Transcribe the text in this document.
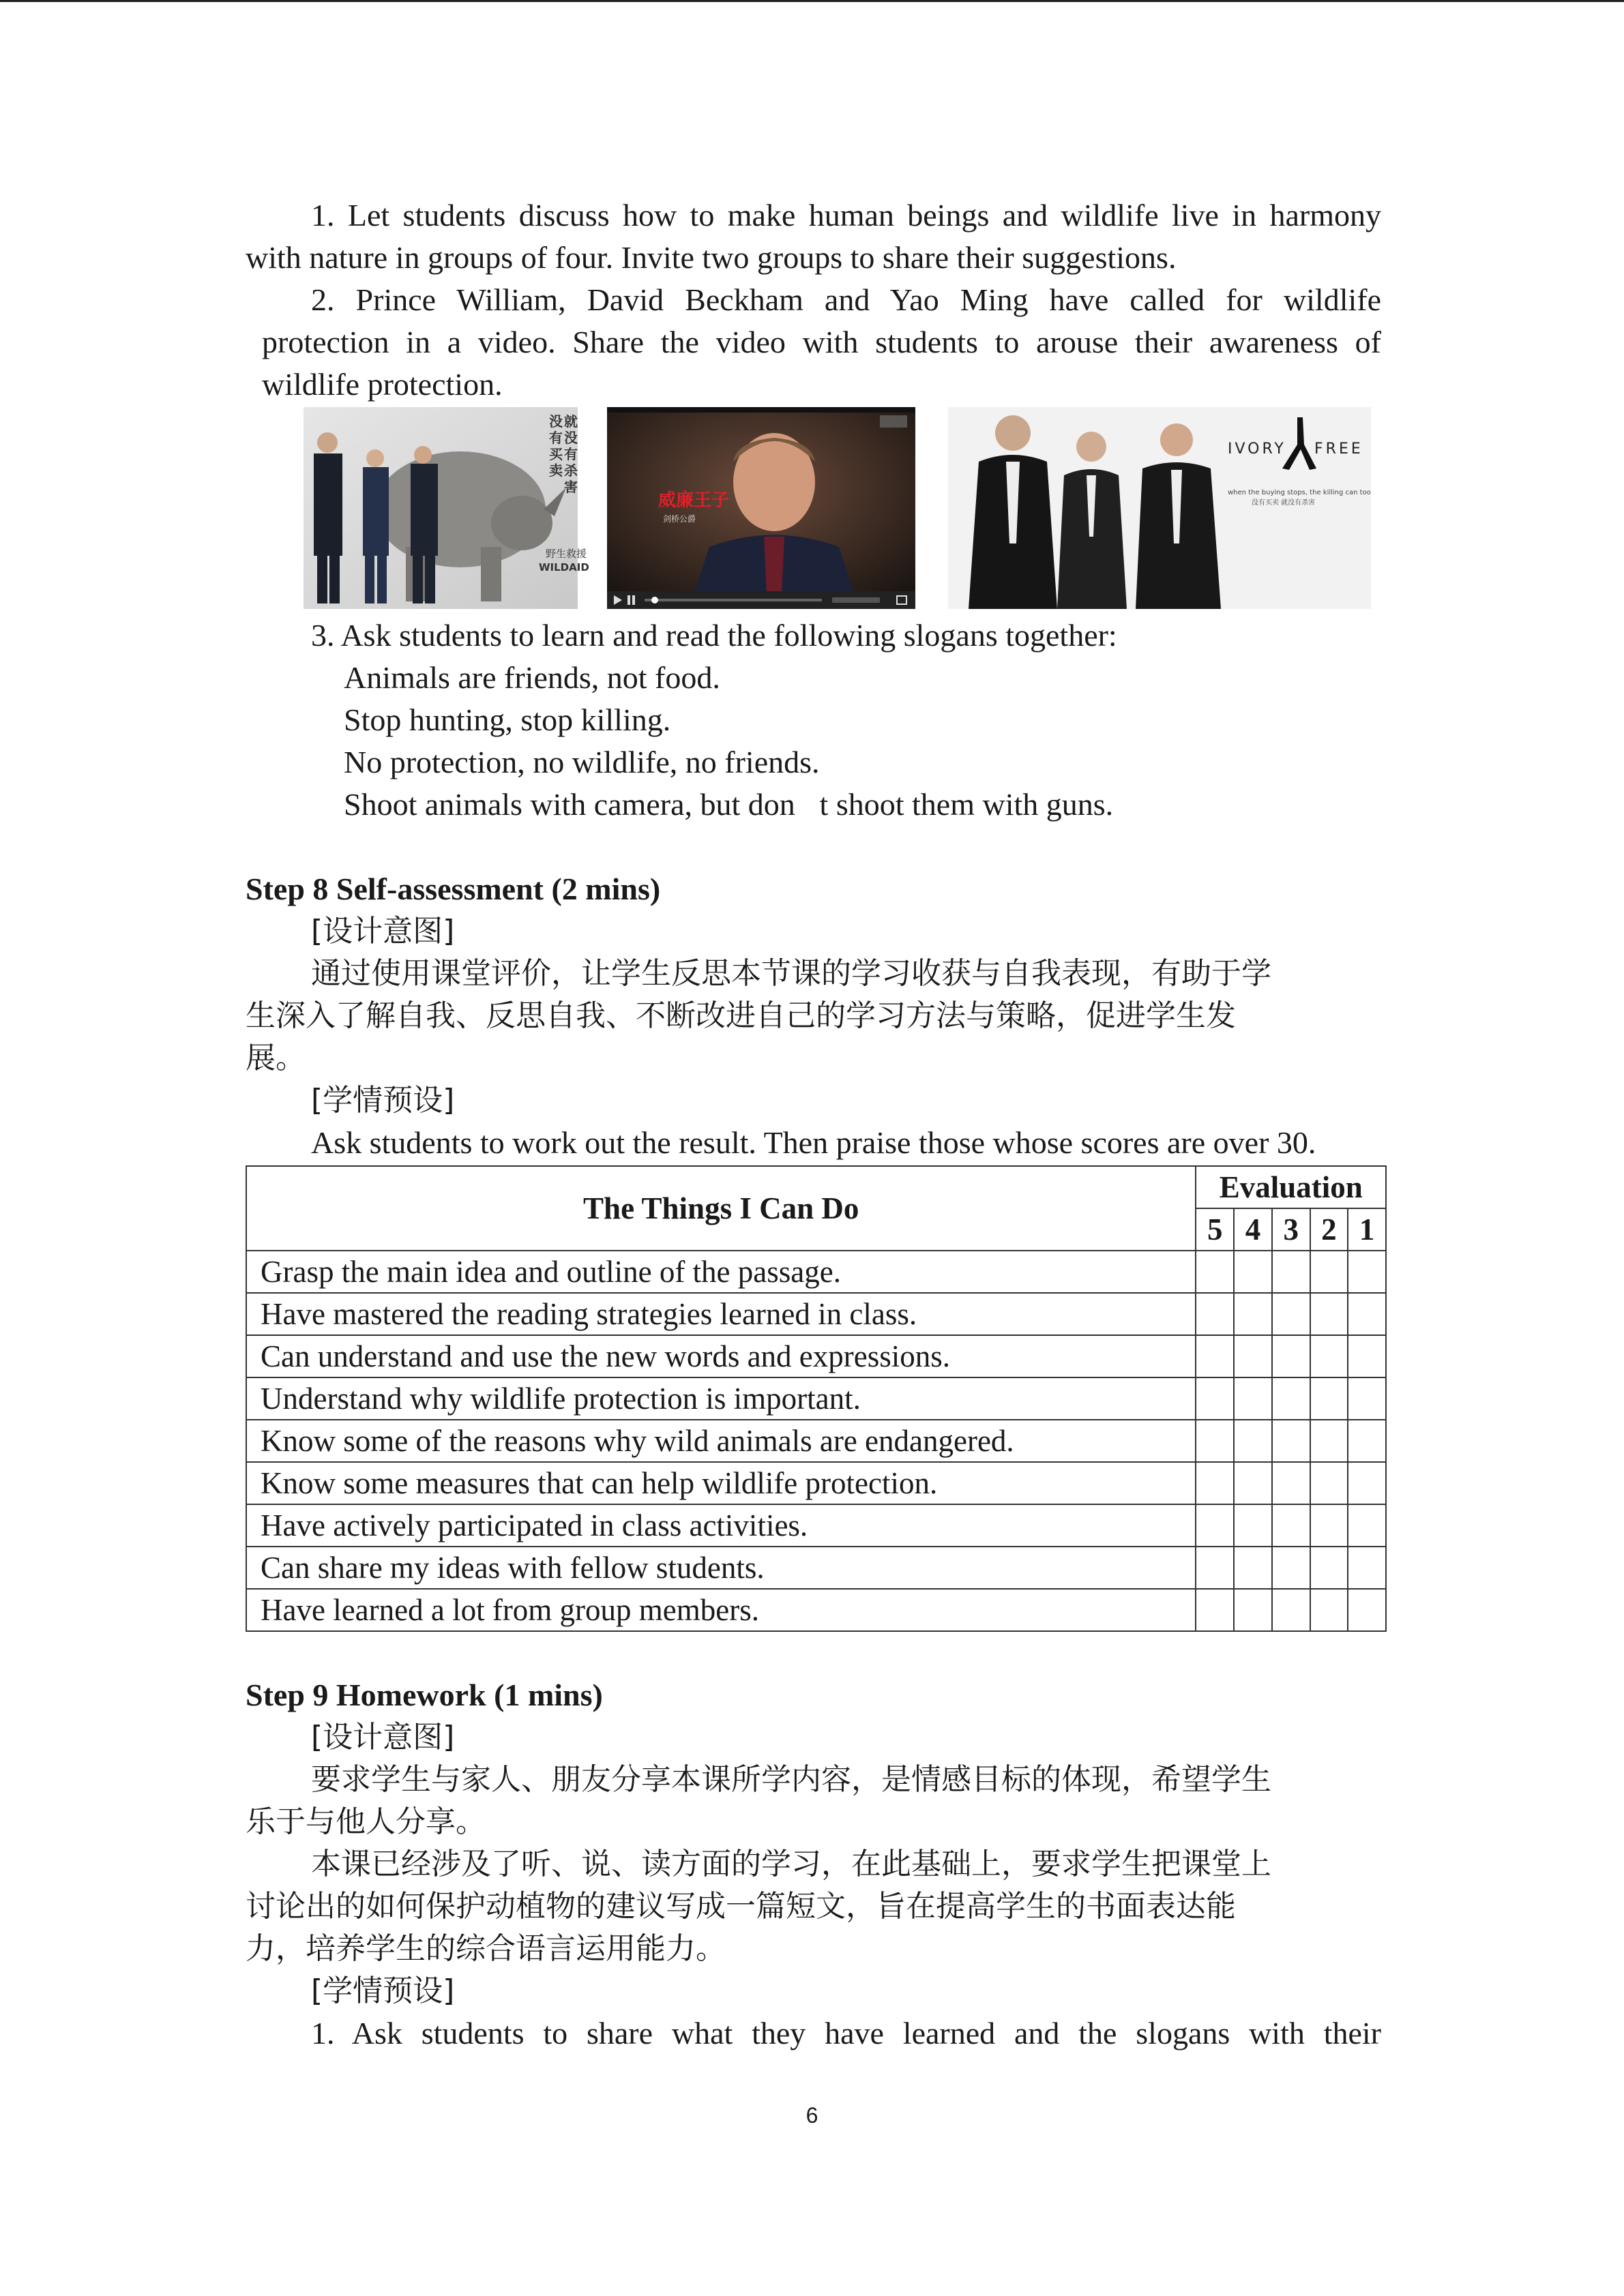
1. Let students discuss how to make human beings and wildlife live in harmony

with nature in groups of four. Invite two groups to share their suggestions.

2. Prince William, David Beckham and Yao Ming have called for wildlife

protection in a video. Share the video with students to arouse their awareness of

wildlife protection.

野生救援
WILDAID
没
有
买
卖
就
没
有
杀
害
威廉王子
剑桥公爵
IVORY FREE
when the buying stops, the killing can too
没有买卖 就没有杀害

3. Ask students to learn and read the following slogans together:

Animals are friends, not food.

Stop hunting, stop killing.

No protection, no wildlife, no friends.

Shoot animals with camera, but don t shoot them with guns.

Step 8 Self-assessment (2 mins)

[设计意图]

通过使用课堂评价，让学生反思本节课的学习收获与自我表现，有助于学

生深入了解自我、反思自我、不断改进自己的学习方法与策略，促进学生发

展。

[学情预设]

Ask students to work out the result. Then praise those whose scores are over 30.

The Things I Can Do	Evaluation				
	5	4	3	2	1
Grasp the main idea and outline of the passage.					
Have mastered the reading strategies learned in class.					
Can understand and use the new words and expressions.					
Understand why wildlife protection is important.					
Know some of the reasons why wild animals are endangered.					
Know some measures that can help wildlife protection.					
Have actively participated in class activities.					
Can share my ideas with fellow students.					
Have learned a lot from group members.					

Step 9 Homework (1 mins)

[设计意图]

要求学生与家人、朋友分享本课所学内容，是情感目标的体现，希望学生

乐于与他人分享。

本课已经涉及了听、说、读方面的学习，在此基础上，要求学生把课堂上

讨论出的如何保护动植物的建议写成一篇短文，旨在提高学生的书面表达能

力，培养学生的综合语言运用能力。

[学情预设]

1. Ask students to share what they have learned and the slogans with their

6
